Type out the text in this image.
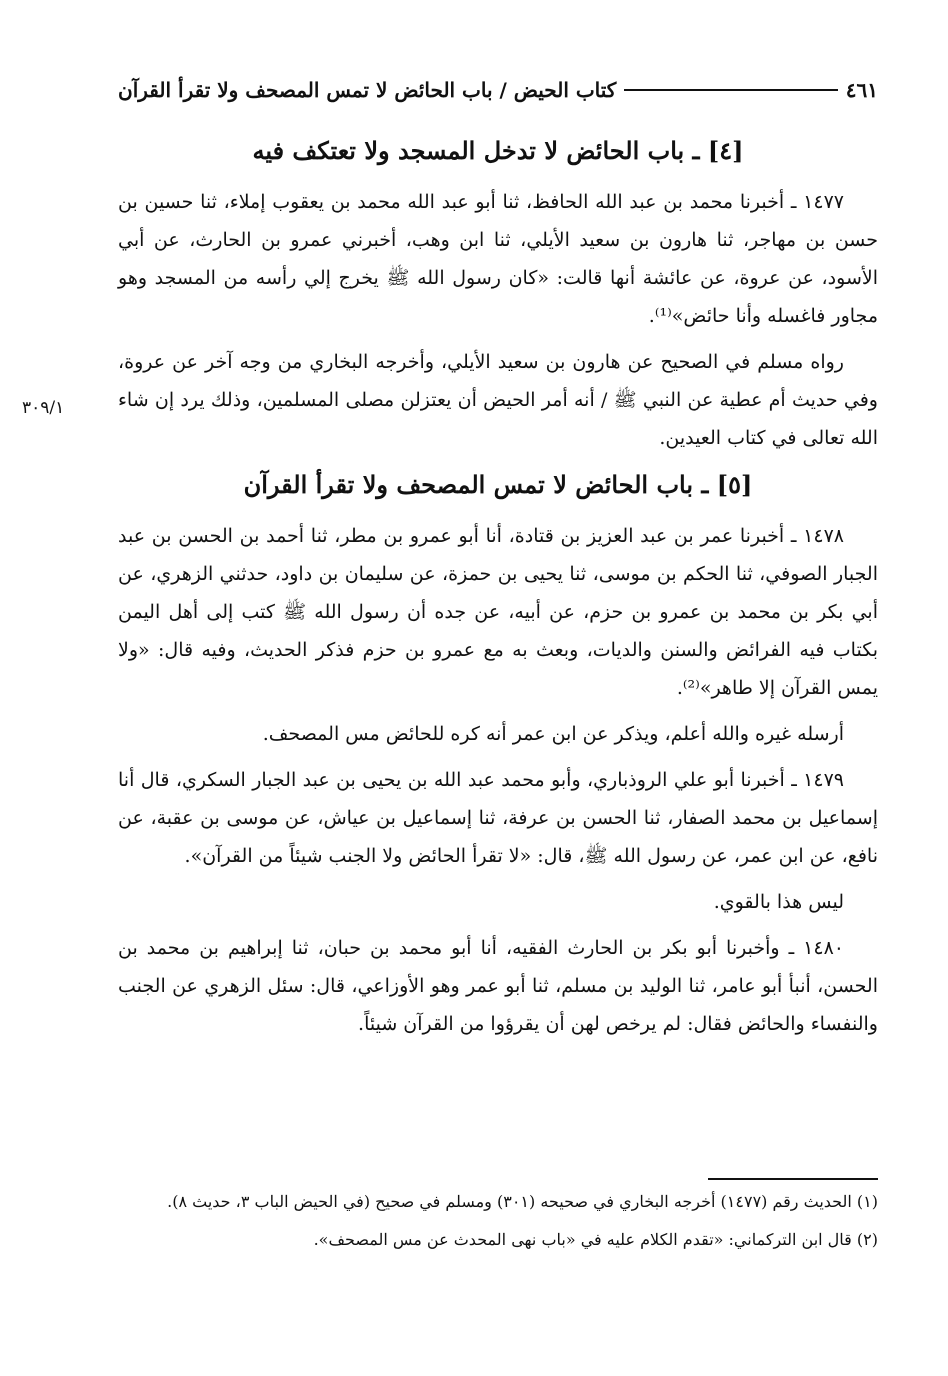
كتاب الحيض / باب الحائض لا تمس المصحف ولا تقرأ القرآن	٤٦١
٣٠٩/١
[٤] ـ باب الحائض لا تدخل المسجد ولا تعتكف فيه

١٤٧٧ ـ أخبرنا محمد بن عبد الله الحافظ، ثنا أبو عبد الله محمد بن يعقوب إملاء، ثنا حسين بن حسن بن مهاجر، ثنا هارون بن سعيد الأيلي، ثنا ابن وهب، أخبرني عمرو بن الحارث، عن أبي الأسود، عن عروة، عن عائشة أنها قالت: «كان رسول الله ﷺ يخرج إلي رأسه من المسجد وهو مجاور فاغسله وأنا حائض»⁽¹⁾.

رواه مسلم في الصحيح عن هارون بن سعيد الأيلي، وأخرجه البخاري من وجه آخر عن عروة، وفي حديث أم عطية عن النبي ﷺ / أنه أمر الحيض أن يعتزلن مصلى المسلمين، وذلك يرد إن شاء الله تعالى في كتاب العيدين.

[٥] ـ باب الحائض لا تمس المصحف ولا تقرأ القرآن

١٤٧٨ ـ أخبرنا عمر بن عبد العزيز بن قتادة، أنا أبو عمرو بن مطر، ثنا أحمد بن الحسن بن عبد الجبار الصوفي، ثنا الحكم بن موسى، ثنا يحيى بن حمزة، عن سليمان بن داود، حدثني الزهري، عن أبي بكر بن محمد بن عمرو بن حزم، عن أبيه، عن جده أن رسول الله ﷺ كتب إلى أهل اليمن بكتاب فيه الفرائض والسنن والديات، وبعث به مع عمرو بن حزم فذكر الحديث، وفيه قال: «ولا يمس القرآن إلا طاهر»⁽²⁾.

أرسله غيره والله أعلم، ويذكر عن ابن عمر أنه كره للحائض مس المصحف.

١٤٧٩ ـ أخبرنا أبو علي الروذباري، وأبو محمد عبد الله بن يحيى بن عبد الجبار السكري، قال أنا إسماعيل بن محمد الصفار، ثنا الحسن بن عرفة، ثنا إسماعيل بن عياش، عن موسى بن عقبة، عن نافع، عن ابن عمر، عن رسول الله ﷺ، قال: «لا تقرأ الحائض ولا الجنب شيئاً من القرآن».

ليس هذا بالقوي.

١٤٨٠ ـ وأخبرنا أبو بكر بن الحارث الفقيه، أنا أبو محمد بن حبان، ثنا إبراهيم بن محمد بن الحسن، أنبأ أبو عامر، ثنا الوليد بن مسلم، ثنا أبو عمر وهو الأوزاعي، قال: سئل الزهري عن الجنب والنفساء والحائض فقال: لم يرخص لهن أن يقرؤوا من القرآن شيئاً.

(١) الحديث رقم (١٤٧٧) أخرجه البخاري في صحيحه (٣٠١) ومسلم في صحيح (في الحيض الباب ٣، حديث ٨).

(٢) قال ابن التركماني: «تقدم الكلام عليه في «باب نهى المحدث عن مس المصحف».
